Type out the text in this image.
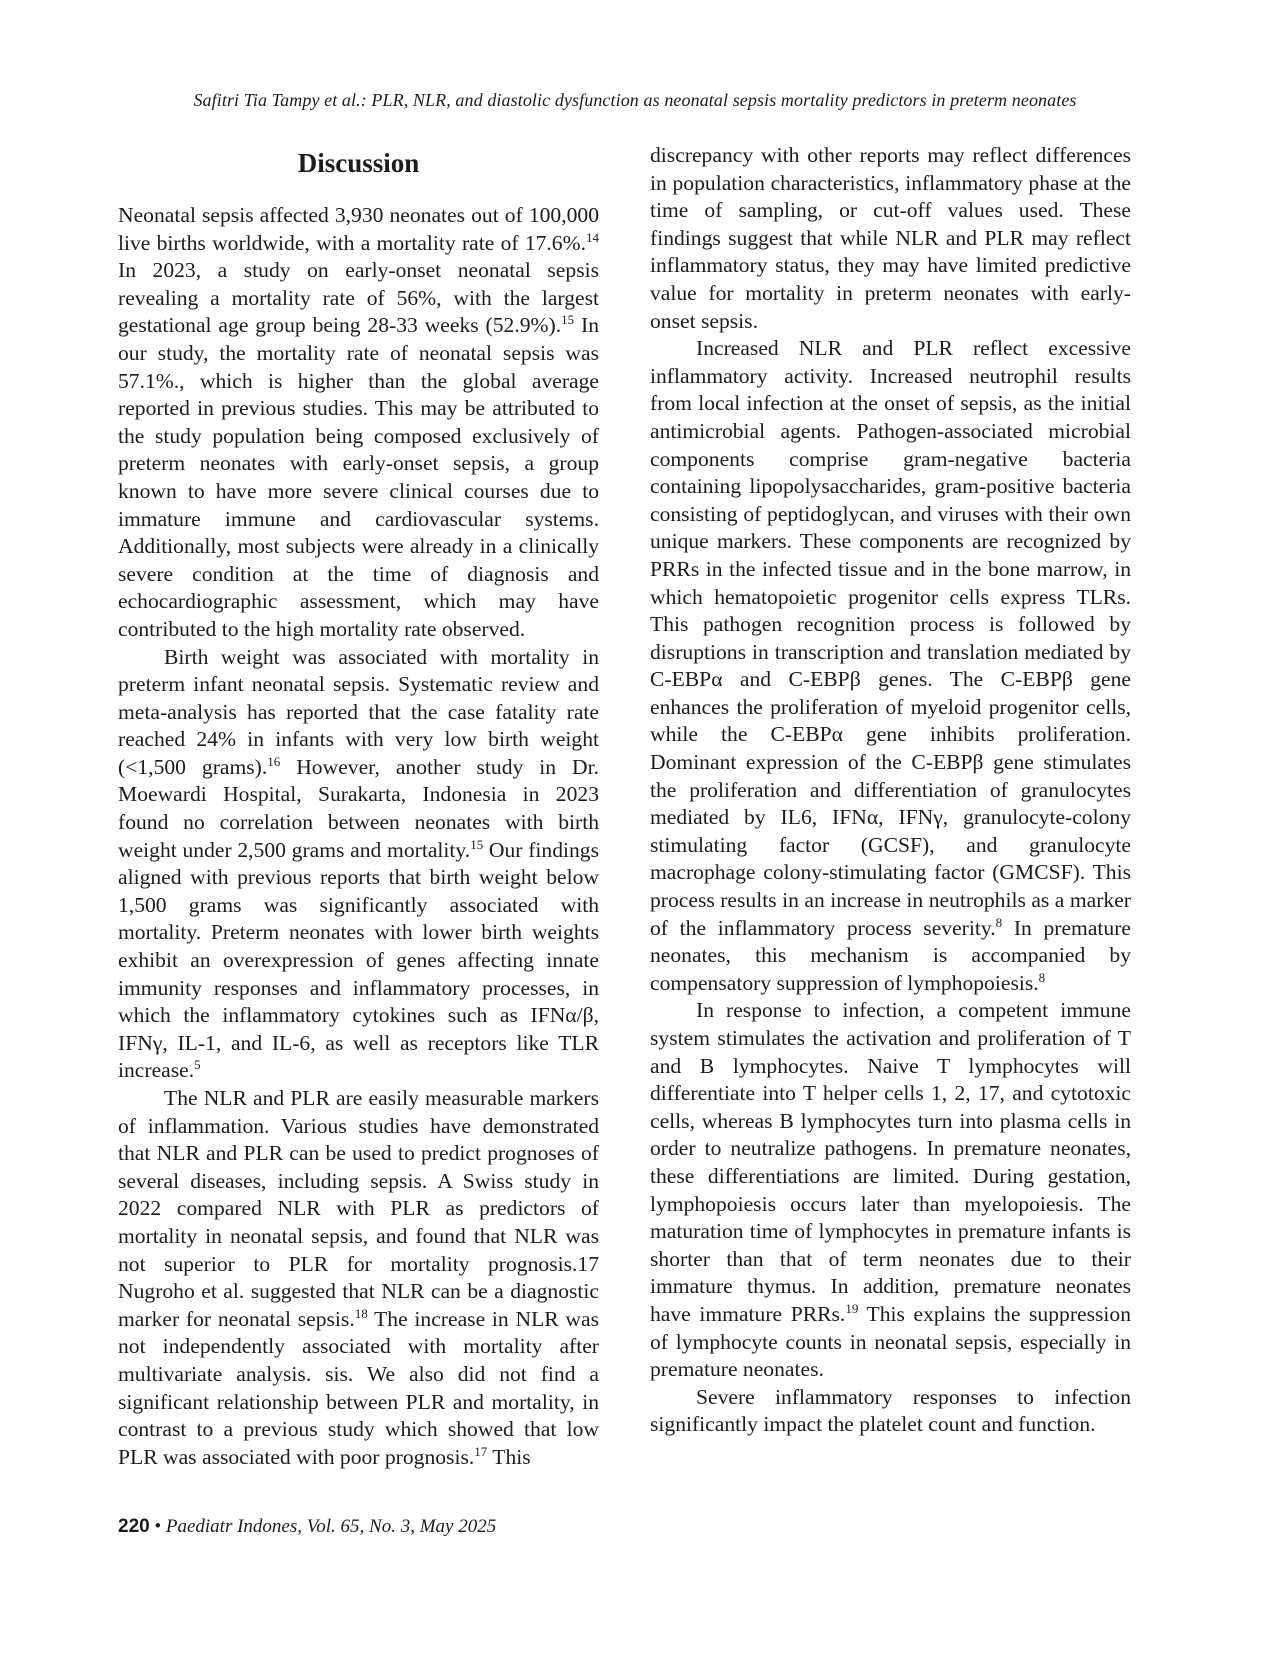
Safitri Tia Tampy et al.: PLR, NLR, and diastolic dysfunction as neonatal sepsis mortality predictors in preterm neonates
Discussion

Neonatal sepsis affected 3,930 neonates out of 100,000 live births worldwide, with a mortality rate of 17.6%.$^{14}$ In 2023, a study on early-onset neonatal sepsis revealing a mortality rate of 56%, with the largest gestational age group being 28-33 weeks (52.9%).$^{15}$ In our study, the mortality rate of neonatal sepsis was 57.1%., which is higher than the global average reported in previous studies. This may be attributed to the study population being composed exclusively of preterm neonates with early-onset sepsis, a group known to have more severe clinical courses due to immature immune and cardiovascular systems. Additionally, most subjects were already in a clinically severe condition at the time of diagnosis and echocardiographic assessment, which may have contributed to the high mortality rate observed.

Birth weight was associated with mortality in preterm infant neonatal sepsis. Systematic review and meta-analysis has reported that the case fatality rate reached 24% in infants with very low birth weight (<1,500 grams).$^{16}$ However, another study in Dr. Moewardi Hospital, Surakarta, Indonesia in 2023 found no correlation between neonates with birth weight under 2,500 grams and mortality.$^{15}$ Our findings aligned with previous reports that birth weight below 1,500 grams was significantly associated with mortality. Preterm neonates with lower birth weights exhibit an overexpression of genes affecting innate immunity responses and inflammatory processes, in which the inflammatory cytokines such as IFNα/β, IFNγ, IL-1, and IL-6, as well as receptors like TLR increase.$^5$

The NLR and PLR are easily measurable markers of inflammation. Various studies have demonstrated that NLR and PLR can be used to predict prognoses of several diseases, including sepsis. A Swiss study in 2022 compared NLR with PLR as predictors of mortality in neonatal sepsis, and found that NLR was not superior to PLR for mortality prognosis.17 Nugroho et al. suggested that NLR can be a diagnostic marker for neonatal sepsis.$^{18}$ The increase in NLR was not independently associated with mortality after multivariate analysis. sis. We also did not find a significant relationship between PLR and mortality, in contrast to a previous study which showed that low PLR was associated with poor prognosis.$^{17}$ This

discrepancy with other reports may reflect differences in population characteristics, inflammatory phase at the time of sampling, or cut-off values used. These findings suggest that while NLR and PLR may reflect inflammatory status, they may have limited predictive value for mortality in preterm neonates with early-onset sepsis.

Increased NLR and PLR reflect excessive inflammatory activity. Increased neutrophil results from local infection at the onset of sepsis, as the initial antimicrobial agents. Pathogen-associated microbial components comprise gram-negative bacteria containing lipopolysaccharides, gram-positive bacteria consisting of peptidoglycan, and viruses with their own unique markers. These components are recognized by PRRs in the infected tissue and in the bone marrow, in which hematopoietic progenitor cells express TLRs. This pathogen recognition process is followed by disruptions in transcription and translation mediated by C-EBPα and C-EBPβ genes. The C-EBPβ gene enhances the proliferation of myeloid progenitor cells, while the C-EBPα gene inhibits proliferation. Dominant expression of the C-EBPβ gene stimulates the proliferation and differentiation of granulocytes mediated by IL6, IFNα, IFNγ, granulocyte-colony stimulating factor (GCSF), and granulocyte macrophage colony-stimulating factor (GMCSF). This process results in an increase in neutrophils as a marker of the inflammatory process severity.$^8$ In premature neonates, this mechanism is accompanied by compensatory suppression of lymphopoiesis.$^8$

In response to infection, a competent immune system stimulates the activation and proliferation of T and B lymphocytes. Naive T lymphocytes will differentiate into T helper cells 1, 2, 17, and cytotoxic cells, whereas B lymphocytes turn into plasma cells in order to neutralize pathogens. In premature neonates, these differentiations are limited. During gestation, lymphopoiesis occurs later than myelopoiesis. The maturation time of lymphocytes in premature infants is shorter than that of term neonates due to their immature thymus. In addition, premature neonates have immature PRRs.$^{19}$ This explains the suppression of lymphocyte counts in neonatal sepsis, especially in premature neonates.

Severe inflammatory responses to infection significantly impact the platelet count and function.

220 • Paediatr Indones, Vol. 65, No. 3, May 2025
